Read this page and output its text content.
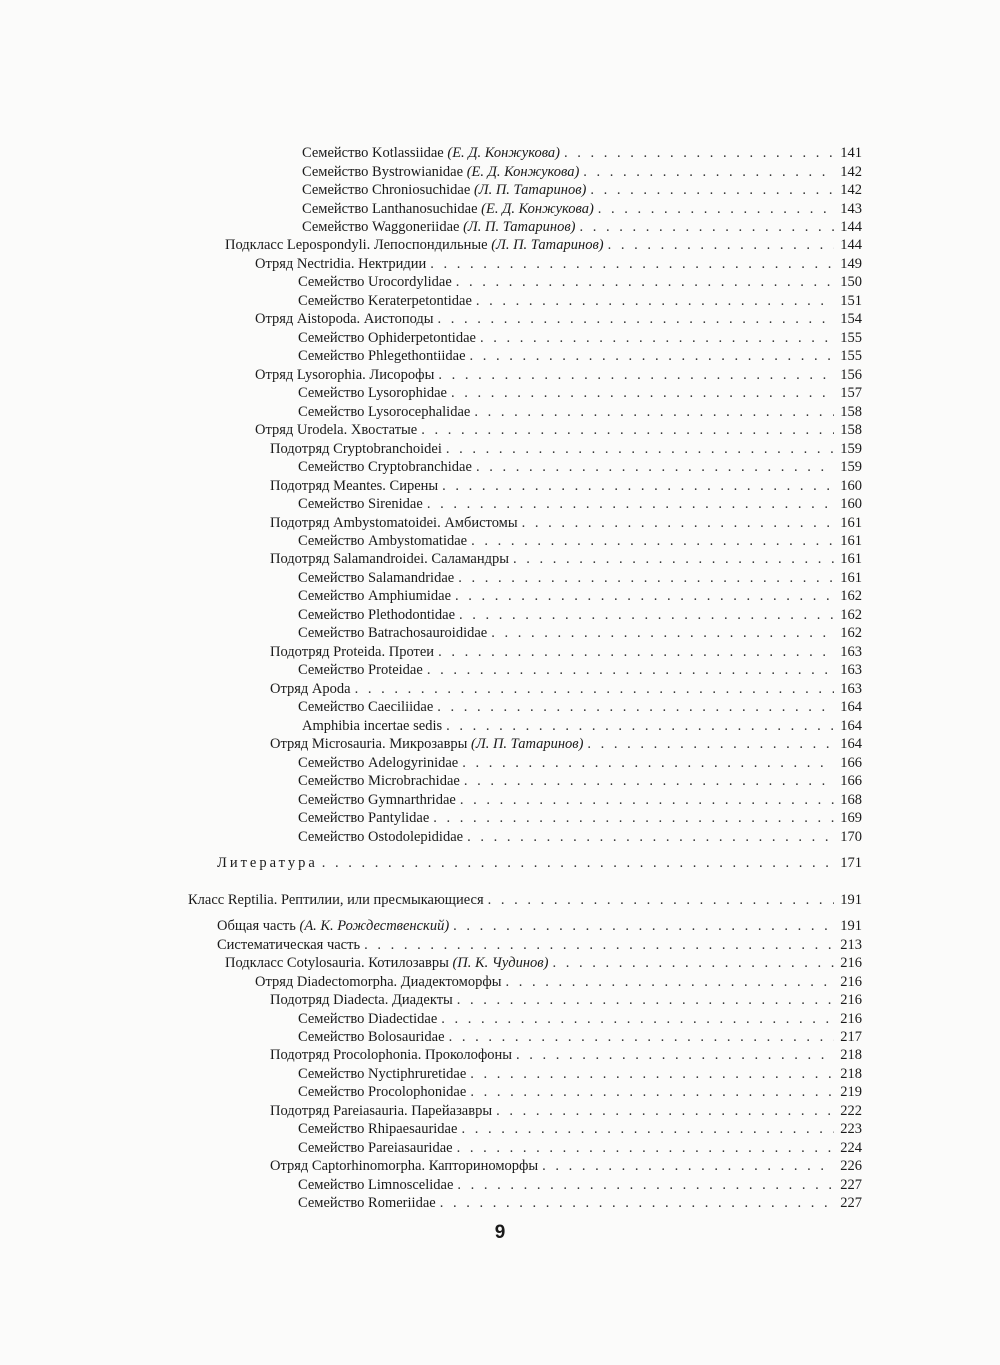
Семейство Kotlassiidae (Е. Д. Конжукова) . . .	141
Семейство Bystrowianidae (Е. Д. Конжукова) . . .	142
Семейство Chroniosuchidae (Л. П. Татаринов) . . .	142
Семейство Lanthanosuchidae (Е. Д. Конжукова) . . .	143
Семейство Waggoneriidae (Л. П. Татаринов) . . .	144
Подкласс Lepospondyli. Лепоспондильные (Л. П. Татаринов) . . .	144
Отряд Nectridia. Нектридии . . .	149
Семейство Urocordylidae . . .	150
Семейство Keraterpetontidae . . .	151
Отряд Aistopoda. Аистоподы . . .	154
Семейство Ophiderpetontidae . . .	155
Семейство Phlegethontiidae . . .	155
Отряд Lysorophia. Лисорофы . . .	156
Семейство Lysorophidae . . .	157
Семейство Lysorocephalidae . . .	158
Отряд Urodela. Хвостатые . . .	158
Подотряд Cryptobranchoidei . . .	159
Семейство Cryptobranchidae . . .	159
Подотряд Meantes. Сирены . . .	160
Семейство Sirenidae . . .	160
Подотряд Ambystomatoidei. Амбистомы . . .	161
Семейство Ambystomatidae . . .	161
Подотряд Salamandroidei. Саламандры . . .	161
Семейство Salamandridae . . .	161
Семейство Amphiumidae . . .	162
Семейство Plethodontidae . . .	162
Семейство Batrachosauroididae . . .	162
Подотряд Proteida. Протеи . . .	163
Семейство Proteidae . . .	163
Отряд Apoda . . .	163
Семейство Caeciliidae . . .	164
Amphibia incertae sedis . . .	164
Отряд Microsauria. Микрозавры (Л. П. Татаринов) . . .	164
Семейство Adelogyrinidae . . .	166
Семейство Microbrachidae . . .	166
Семейство Gymnarthridae . . .	168
Семейство Pantylidae . . .	169
Семейство Ostodolepididae . . .	170
Литература . . .	171
Класс Reptilia. Рептилии, или пресмыкающиеся . . .	191
Общая часть (А. К. Рождественский) . . .	191
Систематическая часть . . .	213
Подкласс Cotylosauria. Котилозавры (П. К. Чудинов) . . .	216
Отряд Diadectomorpha. Диадектоморфы . . .	216
Подотряд Diadecta. Диадекты . . .	216
Семейство Diadectidae . . .	216
Семейство Bolosauridae . . .	217
Подотряд Procolophonia. Проколофоны . . .	218
Семейство Nyctiphruretidae . . .	218
Семейство Procolophonidae . . .	219
Подотряд Pareiasauria. Парейазавры . . .	222
Семейство Rhipaesauridae . . .	223
Семейство Pareiasauridae . . .	224
Отряд Captorhinomorpha. Капториноморфы . . .	226
Семейство Limnoscelidae . . .	227
Семейство Romeriidae . . .	227
9
